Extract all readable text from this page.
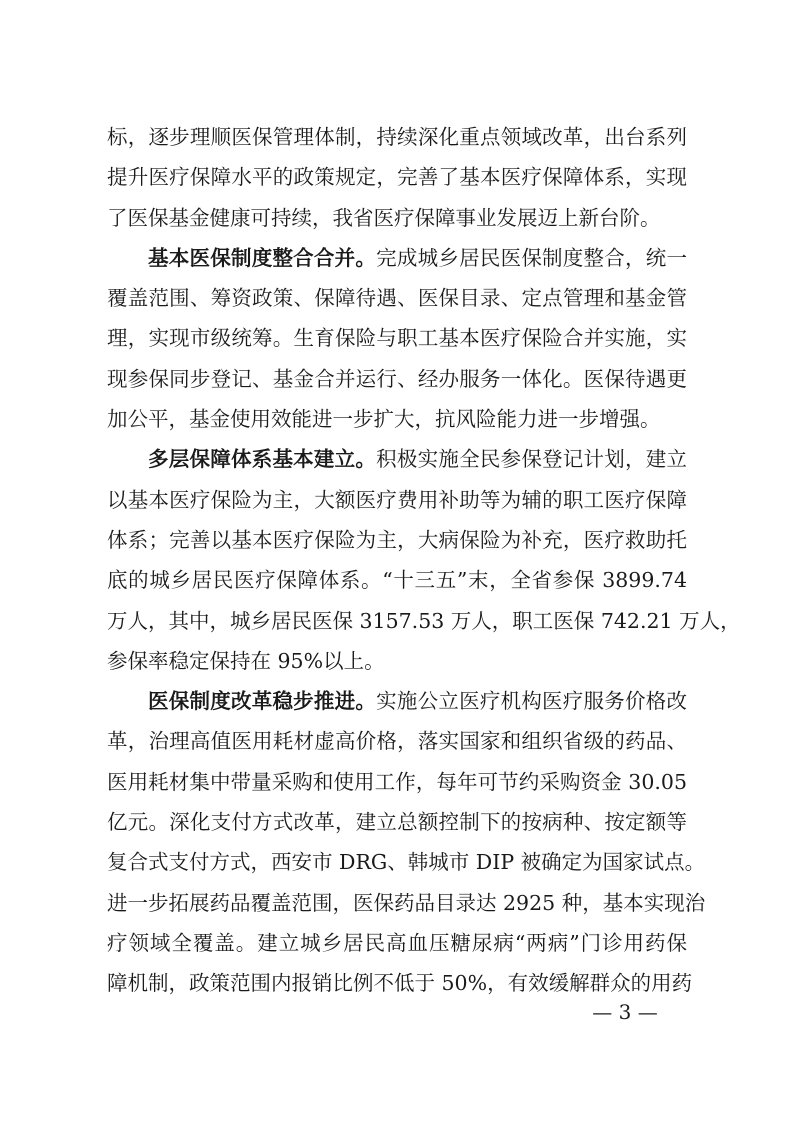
标，逐步理顺医保管理体制，持续深化重点领域改革，出台系列
提升医疗保障水平的政策规定，完善了基本医疗保障体系，实现
了医保基金健康可持续，我省医疗保障事业发展迈上新台阶。
基本医保制度整合合并。完成城乡居民医保制度整合，统一
覆盖范围、筹资政策、保障待遇、医保目录、定点管理和基金管
理，实现市级统筹。生育保险与职工基本医疗保险合并实施，实
现参保同步登记、基金合并运行、经办服务一体化。医保待遇更
加公平，基金使用效能进一步扩大，抗风险能力进一步增强。
多层保障体系基本建立。积极实施全民参保登记计划，建立
以基本医疗保险为主，大额医疗费用补助等为辅的职工医疗保障
体系；完善以基本医疗保险为主，大病保险为补充，医疗救助托
底的城乡居民医疗保障体系。“十三五”末，全省参保 3899.74
万人，其中，城乡居民医保 3157.53 万人，职工医保 742.21 万人，
参保率稳定保持在 95%以上。
医保制度改革稳步推进。实施公立医疗机构医疗服务价格改
革，治理高值医用耗材虚高价格，落实国家和组织省级的药品、
医用耗材集中带量采购和使用工作，每年可节约采购资金 30.05
亿元。深化支付方式改革，建立总额控制下的按病种、按定额等
复合式支付方式，西安市 DRG、韩城市 DIP 被确定为国家试点。
进一步拓展药品覆盖范围，医保药品目录达 2925 种，基本实现治
疗领域全覆盖。建立城乡居民高血压糖尿病“两病”门诊用药保
障机制，政策范围内报销比例不低于 50%，有效缓解群众的用药
— 3 —
